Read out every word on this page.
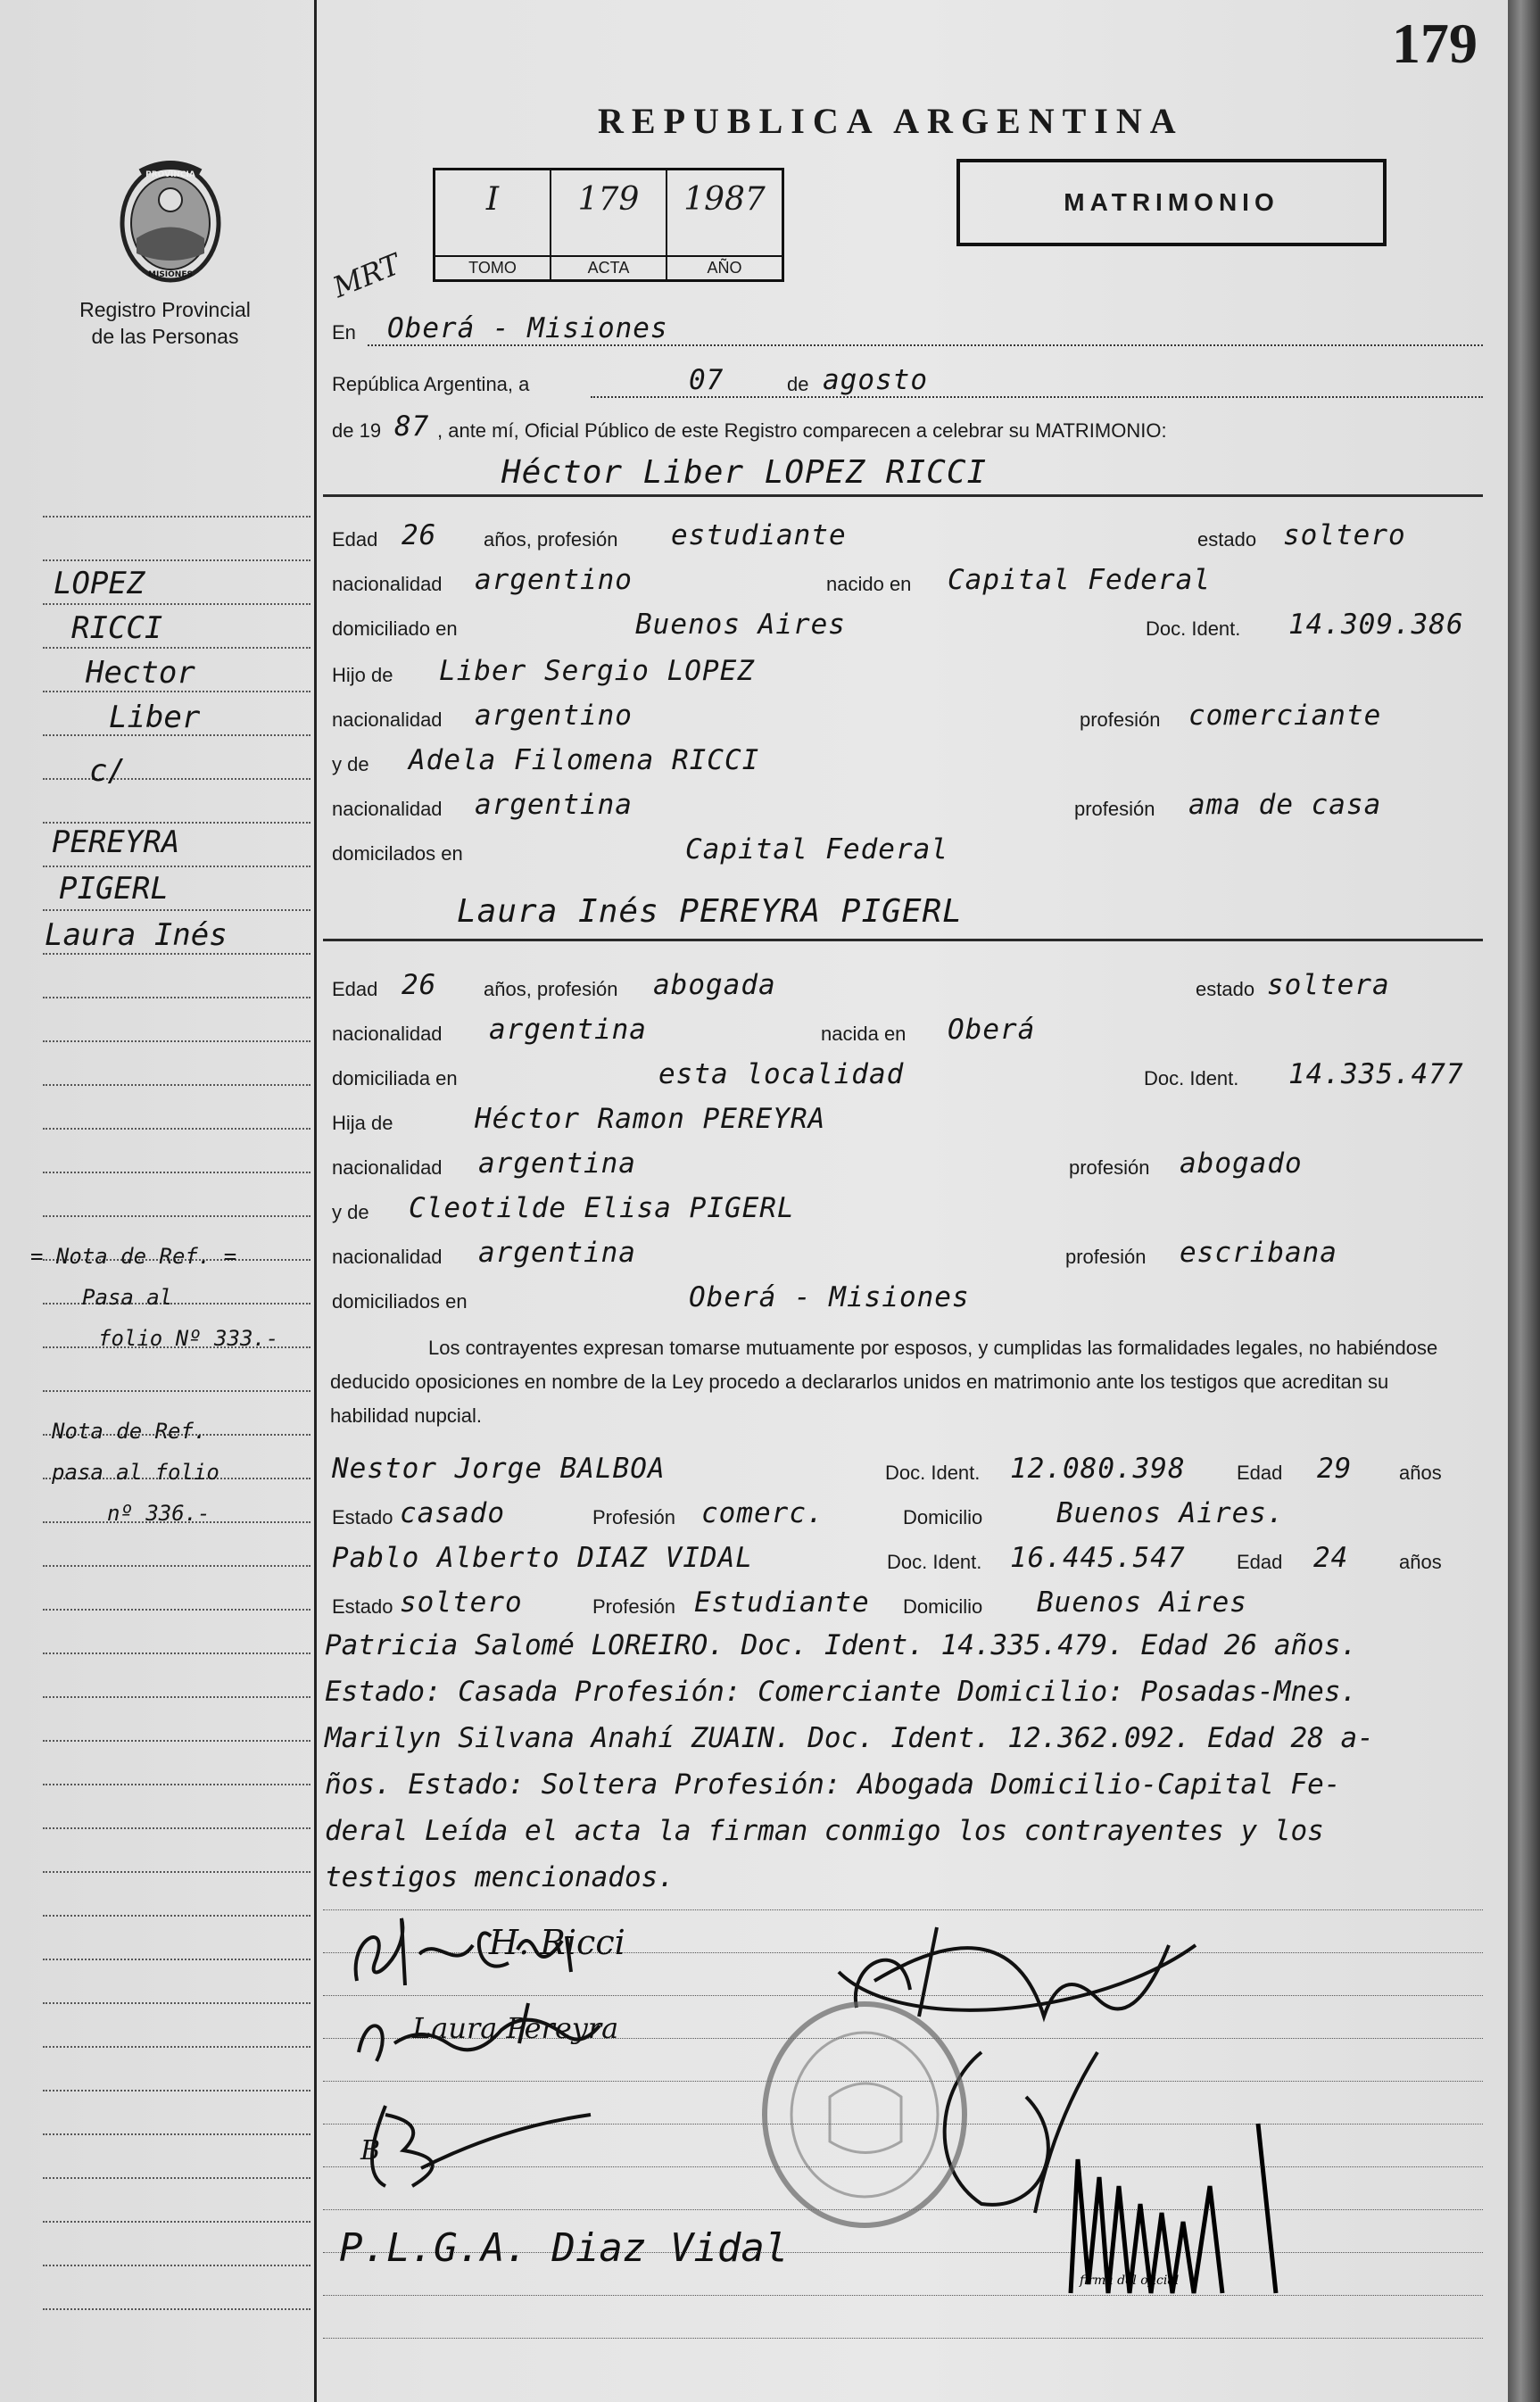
179
REPUBLICA ARGENTINA
PROVINCIA
MISIONES
Registro Provincial
de las Personas
I
TOMO
179
ACTA
1987
AÑO
MRT
MATRIMONIO
En Oberá - Misiones
República Argentina, a	07	de agosto
de 19 87 , ante mí, Oficial Público de este Registro comparecen a celebrar su MATRIMONIO:
Héctor Liber LOPEZ RICCI
Edad 26 años, profesión estudiante	estado soltero
nacionalidad argentino	nacido en Capital Federal
domiciliado en	Buenos Aires	Doc. Ident. 14.309.386
Hijo de Liber Sergio LOPEZ
nacionalidad argentino	profesión comerciante
y de Adela Filomena RICCI
nacionalidad argentina	profesión ama de casa
domicilados en	Capital Federal
Laura Inés PEREYRA PIGERL
Edad 26 años, profesión abogada	estado soltera
nacionalidad argentina	nacida en Oberá
domiciliada en	esta localidad	Doc. Ident. 14.335.477
Hija de	Héctor Ramon PEREYRA
nacionalidad argentina	profesión abogado
y de Cleotilde Elisa PIGERL
nacionalidad argentina	profesión escribana
domiciliados en	Oberá - Misiones
Los contrayentes expresan tomarse mutuamente por esposos, y cumplidas las formalidades legales, no habiéndose deducido oposiciones en nombre de la Ley procedo a declararlos unidos en matrimonio ante los testigos que acreditan su habilidad nupcial.
Nestor Jorge BALBOA	Doc. Ident. 12.080.398	Edad 29 años
Estado casado	Profesión comerc.	Domicilio	Buenos Aires.
Pablo Alberto DIAZ VIDAL	Doc. Ident. 16.445.547	Edad 24	años
Estado soltero	Profesión Estudiante Domicilio Buenos Aires
Patricia Salomé LOREIRO. Doc. Ident. 14.335.479. Edad 26 años.
Estado: Casada Profesión: Comerciante Domicilio: Posadas-Mnes.
Marilyn Silvana Anahí ZUAIN. Doc. Ident. 12.362.092. Edad 28 a-
ños. Estado: Soltera Profesión: Abogada Domicilio-Capital Fe-
deral Leída el acta la firman conmigo los contrayentes y los
testigos mencionados.
LOPEZ
RICCI
Hector
Liber
c/
PEREYRA
PIGERL
Laura Inés
= Nota de Ref. =
Pasa al
folio Nº 333.-
Nota de Ref.
pasa al folio
nº 336.-
H. Ricci
Laura Pereyra
B
P.L.G.A. Diaz Vidal
firma del oficial
